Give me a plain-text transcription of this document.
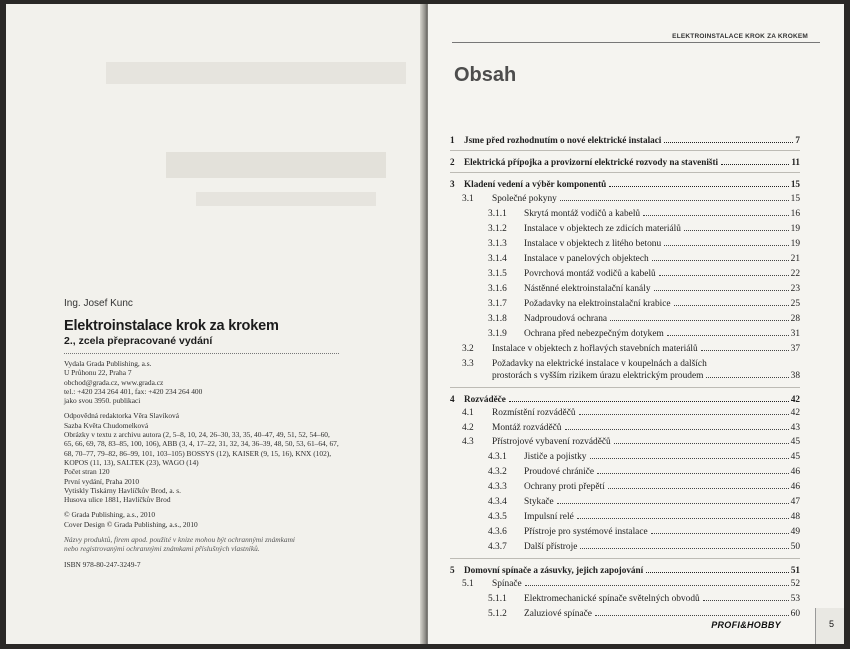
Ing. Josef Kunc
Elektroinstalace krok za krokem
2., zcela přepracované vydání
Vydala Grada Publishing, a.s.
U Průhonu 22, Praha 7
obchod@grada.cz, www.grada.cz
tel.: +420 234 264 401, fax: +420 234 264 400
jako svou 3950. publikaci
Odpovědná redaktorka Věra Slavíková
Sazba Květa Chudomelková
Obrázky v textu z archivu autora (2, 5–8, 10, 24, 26–30, 33, 35, 40–47, 49, 51, 52, 54–60,
65, 66, 69, 78, 83–85, 100, 106), ABB (3, 4, 17–22, 31, 32, 34, 36–39, 48, 50, 53, 61–64, 67,
68, 70–77, 79–82, 86–99, 101, 103–105) BOSSYS (12), KAISER (9, 15, 16), KNX (102),
KOPOS (11, 13), SALTEK (23), WAGO (14)
Počet stran 120
První vydání, Praha 2010
Vytiskly Tiskárny Havlíčkův Brod, a. s.
Husova ulice 1881, Havlíčkův Brod
© Grada Publishing, a.s., 2010
Cover Design © Grada Publishing, a.s., 2010
Názvy produktů, firem apod. použité v knize mohou být ochrannými známkami
nebo registrovanými ochrannými známkami příslušných vlastníků.
ISBN 978-80-247-3249-7
ELEKTROINSTALACE KROK ZA KROKEM
Obsah
1 Jsme před rozhodnutím o nové elektrické instalaci	7
2 Elektrická přípojka a provizorní elektrické rozvody na staveništi	11
3 Kladení vedení a výběr komponentů	15
3.1 Společné pokyny	15
3.1.1 Skrytá montáž vodičů a kabelů	16
3.1.2 Instalace v objektech ze zdicích materiálů	19
3.1.3 Instalace v objektech z litého betonu	19
3.1.4 Instalace v panelových objektech	21
3.1.5 Povrchová montáž vodičů a kabelů	22
3.1.6 Nástěnné elektroinstalační kanály	23
3.1.7 Požadavky na elektroinstalační krabice	25
3.1.8 Nadproudová ochrana	28
3.1.9 Ochrana před nebezpečným dotykem	31
3.2 Instalace v objektech z hořlavých stavebních materiálů	37
3.3 Požadavky na elektrické instalace v koupelnách a dalších
prostorách s vyšším rizikem úrazu elektrickým proudem	38
4 Rozváděče	42
4.1 Rozmístění rozváděčů	42
4.2 Montáž rozváděčů	43
4.3 Přístrojové vybavení rozváděčů	45
4.3.1 Jističe a pojistky	45
4.3.2 Proudové chrániče	46
4.3.3 Ochrany proti přepětí	46
4.3.4 Stykače	47
4.3.5 Impulsní relé	48
4.3.6 Přístroje pro systémové instalace	49
4.3.7 Další přístroje	50
5 Domovní spínače a zásuvky, jejich zapojování	51
5.1 Spínače	52
5.1.1 Elektromechanické spínače světelných obvodů	53
5.1.2 Žaluziové spínače	60
PROFI&HOBBY	5
